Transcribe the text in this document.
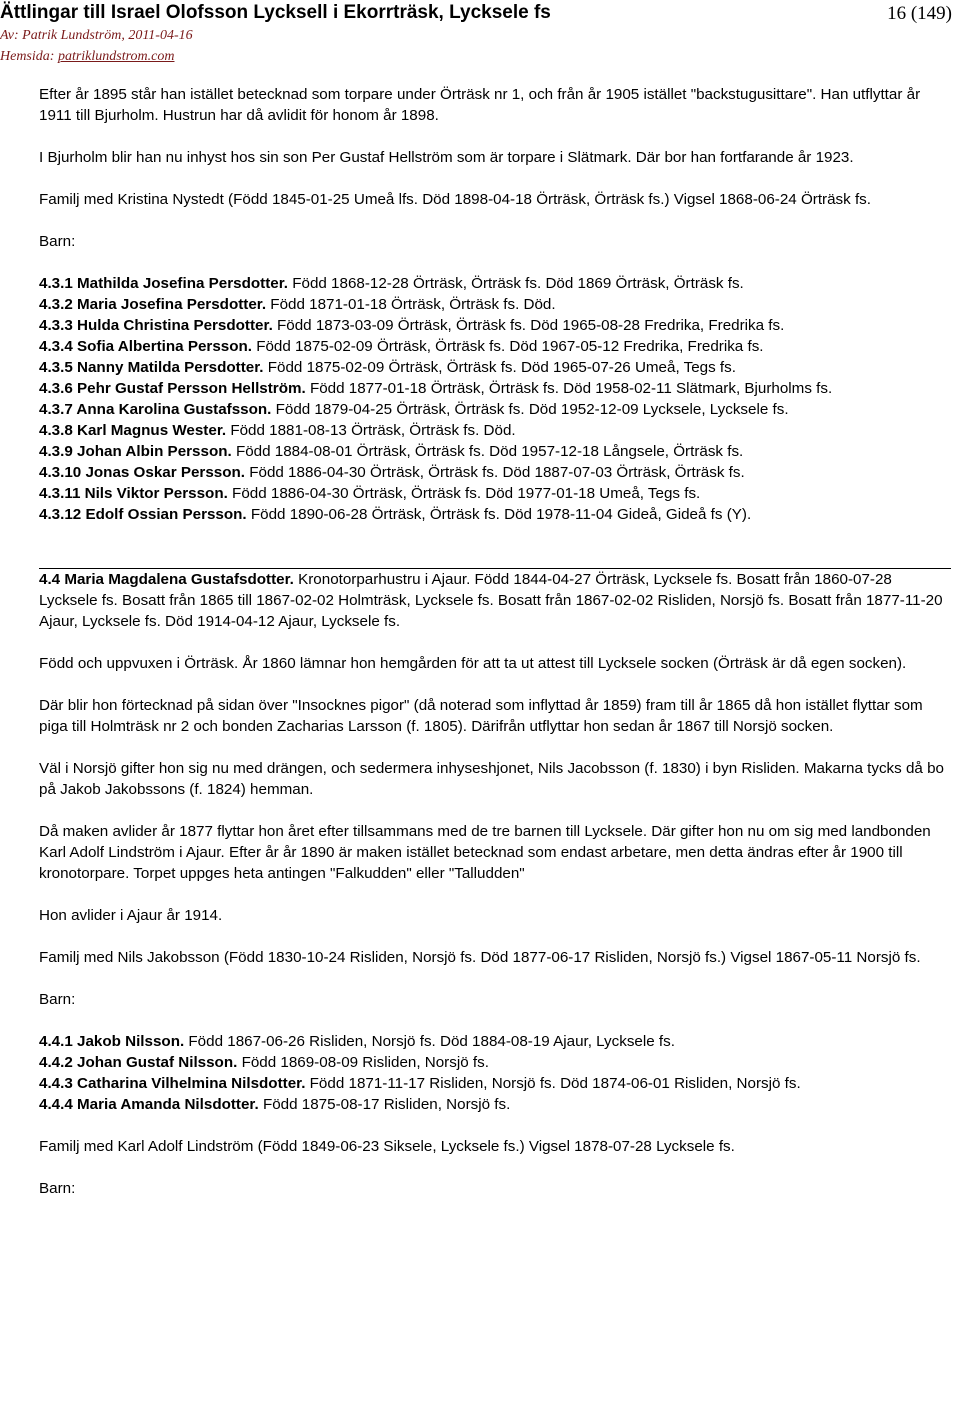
Ättlingar till Israel Olofsson Lycksell i Ekorrträsk, Lycksele fs	16 (149)
Av: Patrik Lundström, 2011-04-16
Hemsida: patriklundstrom.com

Efter år 1895 står han istället betecknad som torpare under Örträsk nr 1, och från år 1905 istället "backstugusittare". Han utflyttar år 1911 till Bjurholm. Hustrun har då avlidit för honom år 1898.

I Bjurholm blir han nu inhyst hos sin son Per Gustaf Hellström som är torpare i Slätmark. Där bor han fortfarande år 1923.

Familj med Kristina Nystedt (Född 1845-01-25 Umeå lfs. Död 1898-04-18 Örträsk, Örträsk fs.) Vigsel 1868-06-24 Örträsk fs.

Barn:

4.3.1 Mathilda Josefina Persdotter. Född 1868-12-28 Örträsk, Örträsk fs. Död 1869 Örträsk, Örträsk fs.
4.3.2 Maria Josefina Persdotter. Född 1871-01-18 Örträsk, Örträsk fs. Död.
4.3.3 Hulda Christina Persdotter. Född 1873-03-09 Örträsk, Örträsk fs. Död 1965-08-28 Fredrika, Fredrika fs.
4.3.4 Sofia Albertina Persson. Född 1875-02-09 Örträsk, Örträsk fs. Död 1967-05-12 Fredrika, Fredrika fs.
4.3.5 Nanny Matilda Persdotter. Född 1875-02-09 Örträsk, Örträsk fs. Död 1965-07-26 Umeå, Tegs fs.
4.3.6 Pehr Gustaf Persson Hellström. Född 1877-01-18 Örträsk, Örträsk fs. Död 1958-02-11 Slätmark, Bjurholms fs.
4.3.7 Anna Karolina Gustafsson. Född 1879-04-25 Örträsk, Örträsk fs. Död 1952-12-09 Lycksele, Lycksele fs.
4.3.8 Karl Magnus Wester. Född 1881-08-13 Örträsk, Örträsk fs. Död.
4.3.9 Johan Albin Persson. Född 1884-08-01 Örträsk, Örträsk fs. Död 1957-12-18 Långsele, Örträsk fs.
4.3.10 Jonas Oskar Persson. Född 1886-04-30 Örträsk, Örträsk fs. Död 1887-07-03 Örträsk, Örträsk fs.
4.3.11 Nils Viktor Persson. Född 1886-04-30 Örträsk, Örträsk fs. Död 1977-01-18 Umeå, Tegs fs.
4.3.12 Edolf Ossian Persson. Född 1890-06-28 Örträsk, Örträsk fs. Död 1978-11-04 Gideå, Gideå fs (Y).

4.4 Maria Magdalena Gustafsdotter. Kronotorparhustru i Ajaur. Född 1844-04-27 Örträsk, Lycksele fs. Bosatt från 1860-07-28 Lycksele fs. Bosatt från 1865 till 1867-02-02 Holmträsk, Lycksele fs. Bosatt från 1867-02-02 Risliden, Norsjö fs. Bosatt från 1877-11-20 Ajaur, Lycksele fs. Död 1914-04-12 Ajaur, Lycksele fs.

Född och uppvuxen i Örträsk. År 1860 lämnar hon hemgården för att ta ut attest till Lycksele socken (Örträsk är då egen socken).

Där blir hon förtecknad på sidan över "Insocknes pigor" (då noterad som inflyttad år 1859) fram till år 1865 då hon istället flyttar som piga till Holmträsk nr 2 och bonden Zacharias Larsson (f. 1805). Därifrån utflyttar hon sedan år 1867 till Norsjö socken.

Väl i Norsjö gifter hon sig nu med drängen, och sedermera inhyseshjonet, Nils Jacobsson (f. 1830) i byn Risliden. Makarna tycks då bo på Jakob Jakobssons (f. 1824) hemman.

Då maken avlider år 1877 flyttar hon året efter tillsammans med de tre barnen till Lycksele. Där gifter hon nu om sig med landbonden Karl Adolf Lindström i Ajaur. Efter år år 1890 är maken istället betecknad som endast arbetare, men detta ändras efter år 1900 till kronotorpare. Torpet uppges heta antingen "Falkudden" eller "Talludden"

Hon avlider i Ajaur år 1914.

Familj med Nils Jakobsson (Född 1830-10-24 Risliden, Norsjö fs. Död 1877-06-17 Risliden, Norsjö fs.) Vigsel 1867-05-11 Norsjö fs.

Barn:

4.4.1 Jakob Nilsson. Född 1867-06-26 Risliden, Norsjö fs. Död 1884-08-19 Ajaur, Lycksele fs.
4.4.2 Johan Gustaf Nilsson. Född 1869-08-09 Risliden, Norsjö fs.
4.4.3 Catharina Vilhelmina Nilsdotter. Född 1871-11-17 Risliden, Norsjö fs. Död 1874-06-01 Risliden, Norsjö fs.
4.4.4 Maria Amanda Nilsdotter. Född 1875-08-17 Risliden, Norsjö fs.

Familj med Karl Adolf Lindström (Född 1849-06-23 Siksele, Lycksele fs.) Vigsel 1878-07-28 Lycksele fs.

Barn:
